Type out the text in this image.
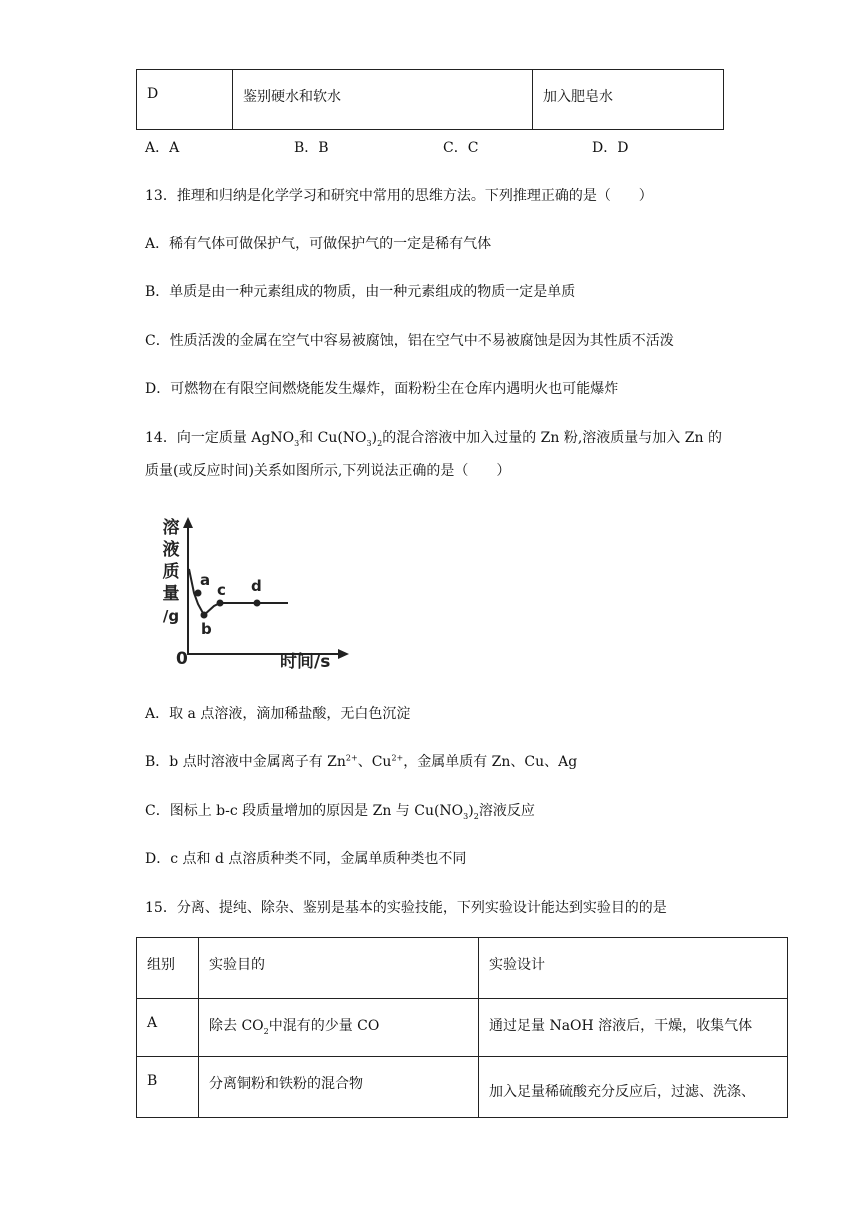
D	鉴别硬水和软水	加入肥皂水
A．A	B．B	C．C	D．D
13．推理和归纳是化学学习和研究中常用的思维方法。下列推理正确的是（　　）
A．稀有气体可做保护气，可做保护气的一定是稀有气体
B．单质是由一种元素组成的物质，由一种元素组成的物质一定是单质
C．性质活泼的金属在空气中容易被腐蚀，铝在空气中不易被腐蚀是因为其性质不活泼
D．可燃物在有限空间燃烧能发生爆炸，面粉粉尘在仓库内遇明火也可能爆炸
14．向一定质量 AgNO$_3$和 $Cu(NO_3)_2$的混合溶液中加入过量的 Zn 粉,溶液质量与加入 Zn 的
质量(或反应时间)关系如图所示,下列说法正确的是（　　）
溶
液
质
量
/g
0	时间/s
a
b
c d
A．取 a 点溶液，滴加稀盐酸，无白色沉淀
B．b 点时溶液中金属离子有 $Zn^{2+}$、$Cu^{2+}$，金属单质有 Zn、Cu、Ag
C．图标上 b-c 段质量增加的原因是 Zn 与 $Cu(NO_3)_2$溶液反应
D．c 点和 d 点溶质种类不同，金属单质种类也不同
15．分离、提纯、除杂、鉴别是基本的实验技能，下列实验设计能达到实验目的的是
组别	实验目的	实验设计
A	除去 $CO_2$中混有的少量 CO	通过足量 NaOH 溶液后，干燥，收集气体
B	分离铜粉和铁粉的混合物	加入足量稀硫酸充分反应后，过滤、洗涤、
